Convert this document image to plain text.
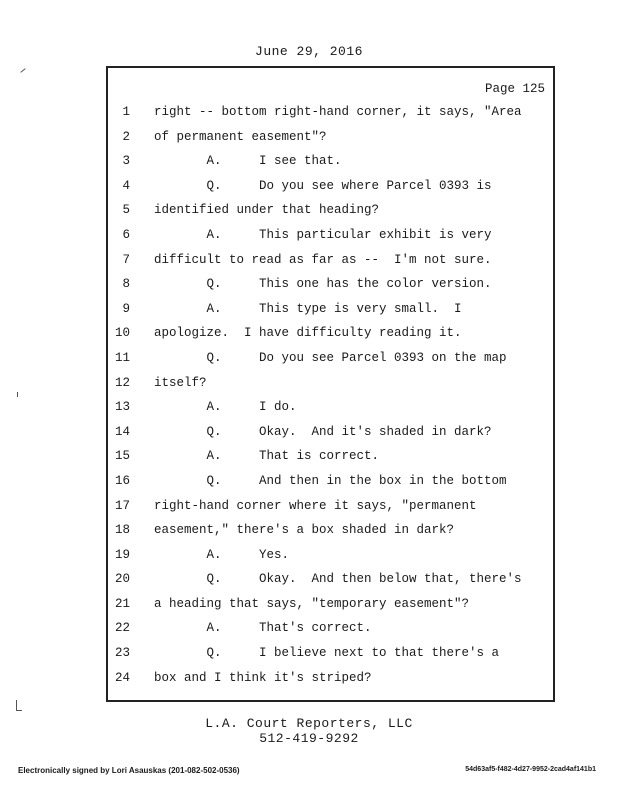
June 29, 2016
Page 125
1 right -- bottom right-hand corner, it says, "Area
2 of permanent easement"?
3 A.     I see that.
4 Q.     Do you see where Parcel 0393 is
5 identified under that heading?
6 A.     This particular exhibit is very
7 difficult to read as far as --  I'm not sure.
8 Q.     This one has the color version.
9 A.     This type is very small.  I
10 apologize.  I have difficulty reading it.
11 Q.     Do you see Parcel 0393 on the map
12 itself?
13 A.     I do.
14 Q.     Okay.  And it's shaded in dark?
15 A.     That is correct.
16 Q.     And then in the box in the bottom
17 right-hand corner where it says, "permanent
18 easement," there's a box shaded in dark?
19 A.     Yes.
20 Q.     Okay.  And then below that, there's
21 a heading that says, "temporary easement"?
22 A.     That's correct.
23 Q.     I believe next to that there's a
24 box and I think it's striped?
L.A. Court Reporters, LLC
512-419-9292
Electronically signed by Lori Asauskas (201-082-502-0536)	54d63af5-f482-4d27-9952-2cad4af141b1
